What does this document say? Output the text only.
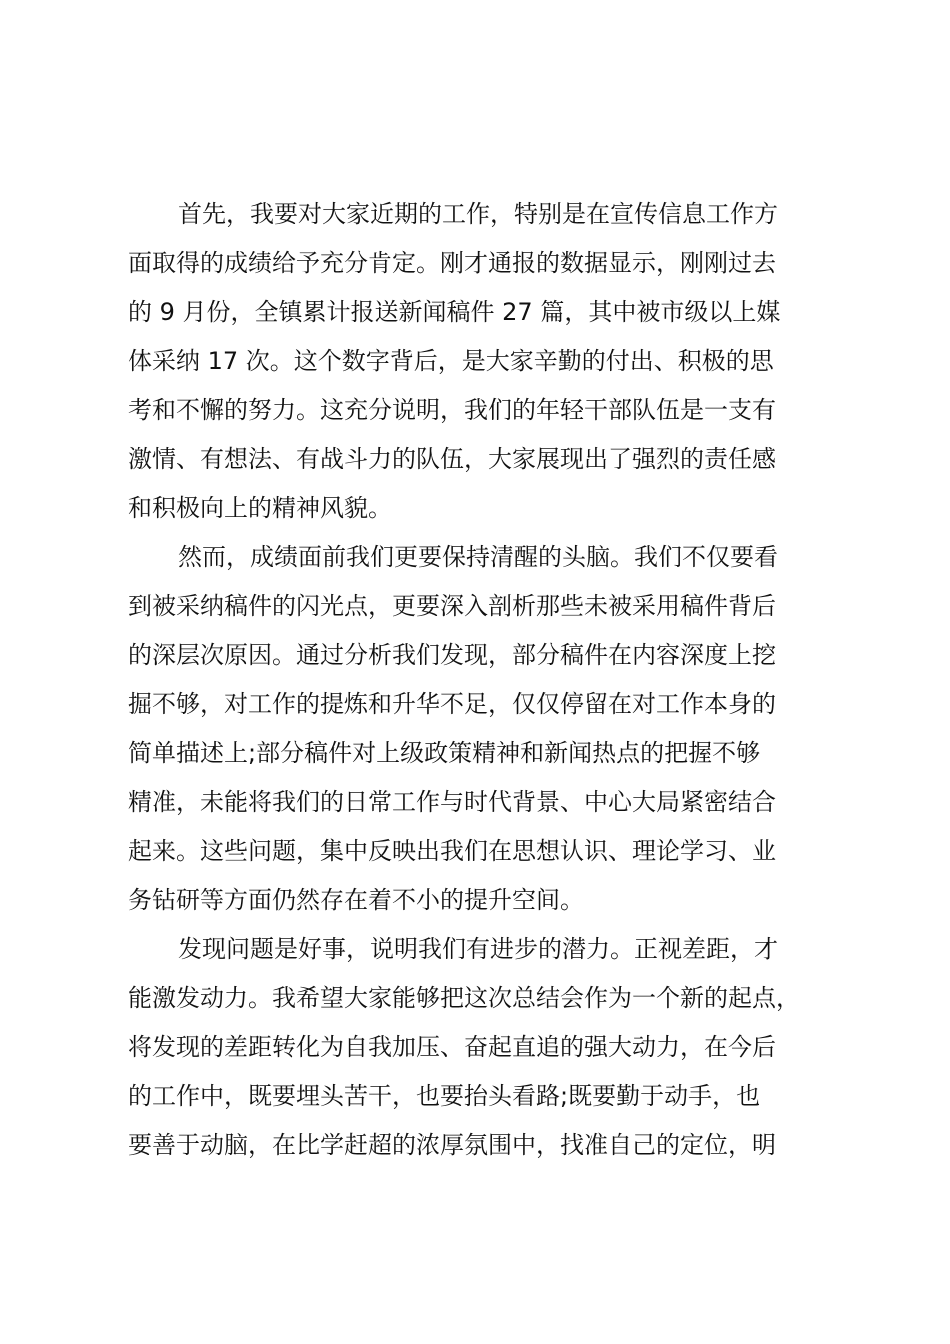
首先，我要对大家近期的工作，特别是在宣传信息工作方
面取得的成绩给予充分肯定。刚才通报的数据显示，刚刚过去
的 9 月份，全镇累计报送新闻稿件 27 篇，其中被市级以上媒
体采纳 17 次。这个数字背后，是大家辛勤的付出、积极的思
考和不懈的努力。这充分说明，我们的年轻干部队伍是一支有
激情、有想法、有战斗力的队伍，大家展现出了强烈的责任感
和积极向上的精神风貌。
然而，成绩面前我们更要保持清醒的头脑。我们不仅要看
到被采纳稿件的闪光点，更要深入剖析那些未被采用稿件背后
的深层次原因。通过分析我们发现，部分稿件在内容深度上挖
掘不够，对工作的提炼和升华不足，仅仅停留在对工作本身的
简单描述上;部分稿件对上级政策精神和新闻热点的把握不够
精准，未能将我们的日常工作与时代背景、中心大局紧密结合
起来。这些问题，集中反映出我们在思想认识、理论学习、业
务钻研等方面仍然存在着不小的提升空间。
发现问题是好事，说明我们有进步的潜力。正视差距，才
能激发动力。我希望大家能够把这次总结会作为一个新的起点，
将发现的差距转化为自我加压、奋起直追的强大动力，在今后
的工作中，既要埋头苦干，也要抬头看路;既要勤于动手，也
要善于动脑，在比学赶超的浓厚氛围中，找准自己的定位，明
